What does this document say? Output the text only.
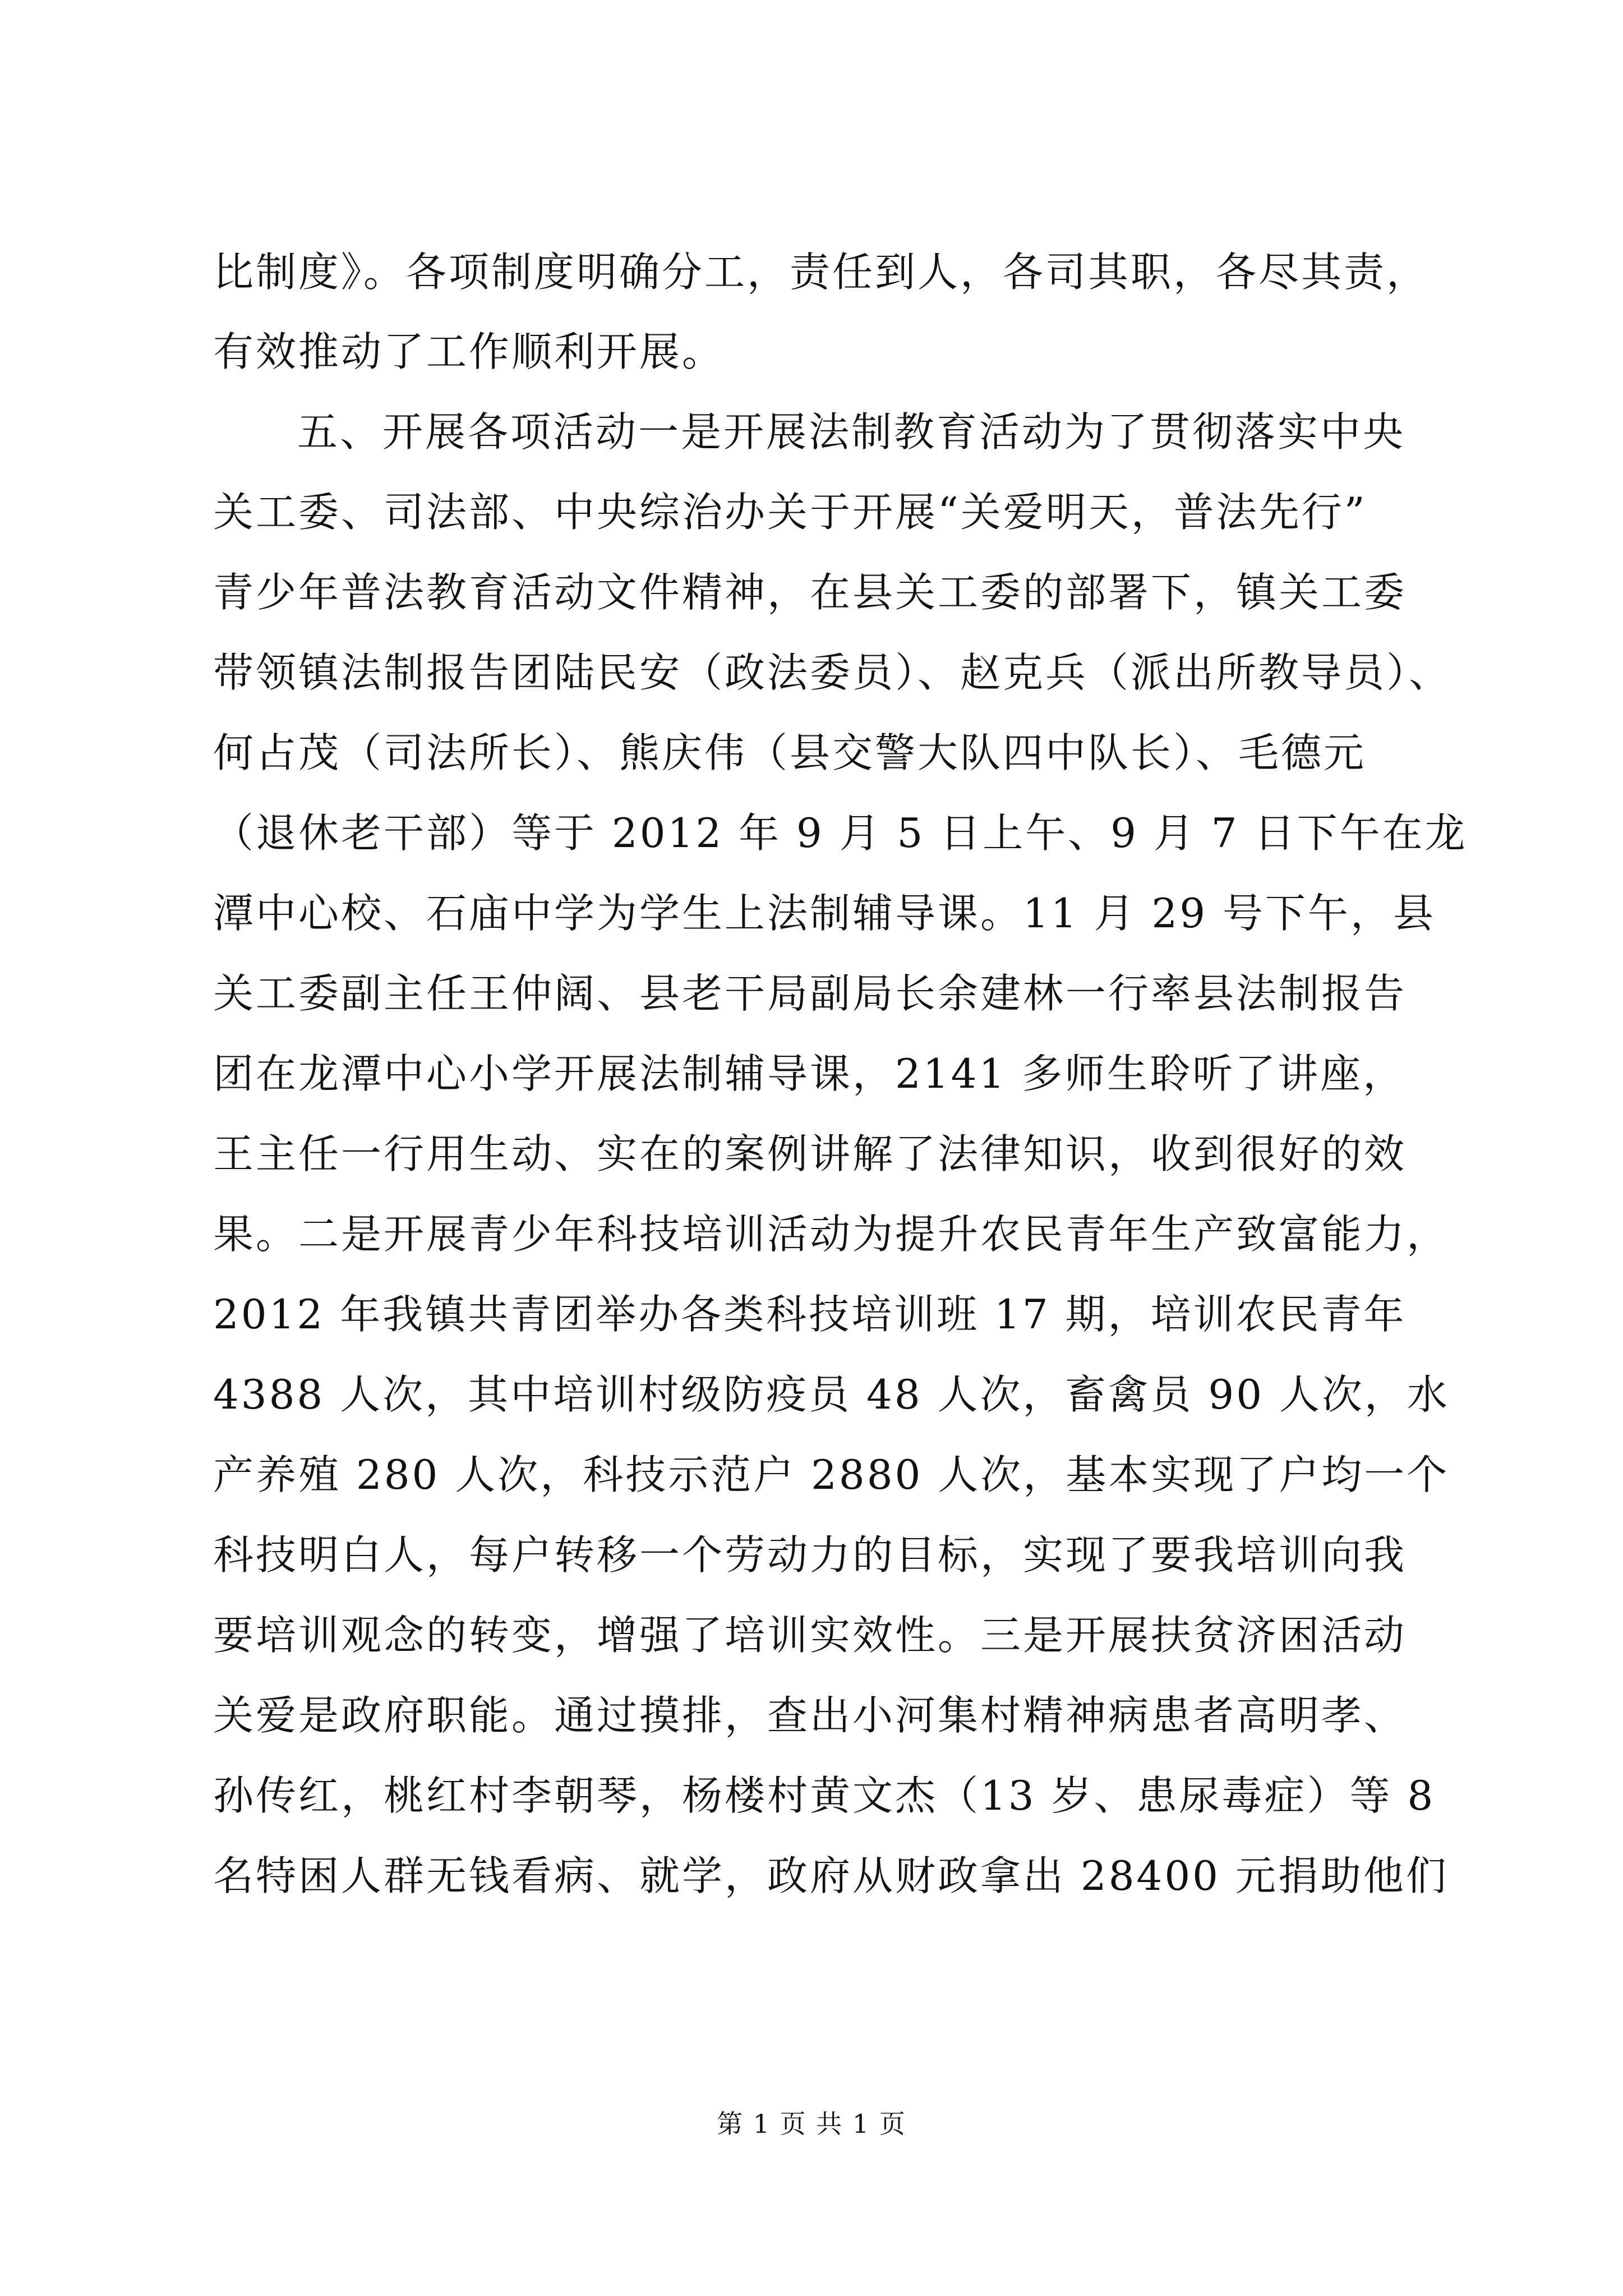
比制度》。各项制度明确分工，责任到人，各司其职，各尽其责，
有效推动了工作顺利开展。
五、开展各项活动一是开展法制教育活动为了贯彻落实中央
关工委、司法部、中央综治办关于开展“关爱明天，普法先行”
青少年普法教育活动文件精神，在县关工委的部署下，镇关工委
带领镇法制报告团陆民安（政法委员）、赵克兵（派出所教导员）、
何占茂（司法所长）、熊庆伟（县交警大队四中队长）、毛德元
（退休老干部）等于 2012 年 9 月 5 日上午、9 月 7 日下午在龙
潭中心校、石庙中学为学生上法制辅导课。11 月 29 号下午，县
关工委副主任王仲阔、县老干局副局长余建林一行率县法制报告
团在龙潭中心小学开展法制辅导课，2141 多师生聆听了讲座，
王主任一行用生动、实在的案例讲解了法律知识，收到很好的效
果。二是开展青少年科技培训活动为提升农民青年生产致富能力，
2012 年我镇共青团举办各类科技培训班 17 期，培训农民青年
4388 人次，其中培训村级防疫员 48 人次，畜禽员 90 人次，水
产养殖 280 人次，科技示范户 2880 人次，基本实现了户均一个
科技明白人，每户转移一个劳动力的目标，实现了要我培训向我
要培训观念的转变，增强了培训实效性。三是开展扶贫济困活动
关爱是政府职能。通过摸排，查出小河集村精神病患者高明孝、
孙传红，桃红村李朝琴，杨楼村黄文杰（13 岁、患尿毒症）等 8
名特困人群无钱看病、就学，政府从财政拿出 28400 元捐助他们
第 1 页 共 1 页
